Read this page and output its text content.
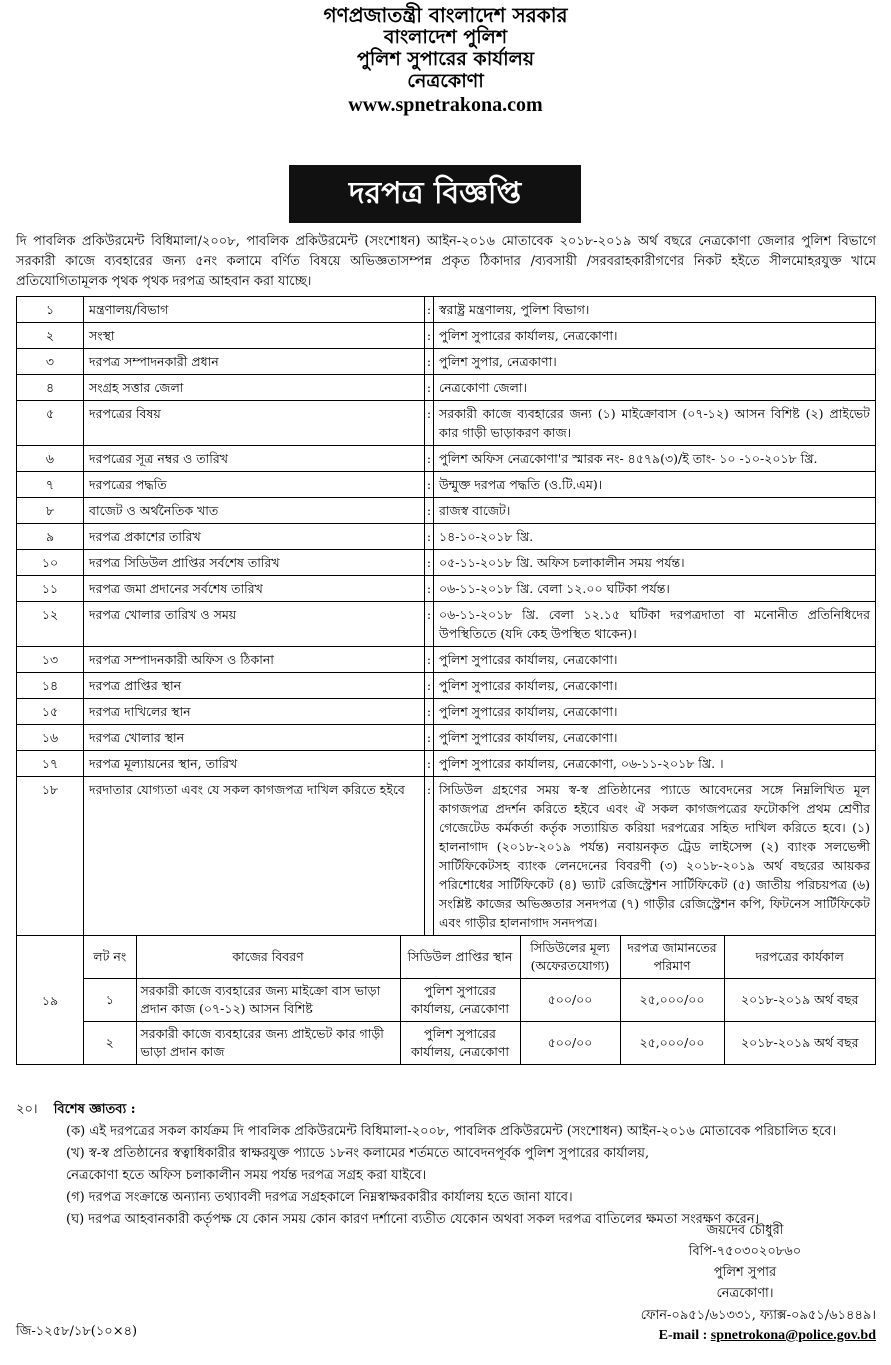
গণপ্রজাতন্ত্রী বাংলাদেশ সরকার
বাংলাদেশ পুলিশ
পুলিশ সুপারের কার্যালয়
নেত্রকোণা
www.spnetrakona.com
দরপত্র বিজ্ঞপ্তি
দি পাবলিক প্রকিউরমেন্ট বিধিমালা/২০০৮, পাবলিক প্রকিউরমেন্ট (সংশোধন) আইন-২০১৬ মোতাবেক ২০১৮-২০১৯ অর্থ বছরে নেত্রকোণা জেলার পুলিশ বিভাগে সরকারী কাজে ব্যবহারের জন্য ৫নং কলামে বর্ণিত বিষয়ে অভিজ্ঞতাসম্পন্ন প্রকৃত ঠিকাদার /ব্যবসায়ী /সরবরাহকারীগণের নিকট হইতে সীলমোহরযুক্ত খামে প্রতিযোগিতামূলক পৃথক পৃথক দরপত্র আহবান করা যাচ্ছে।
১	মন্ত্রণালয়/বিভাগ	:	স্বরাষ্ট্র মন্ত্রণালয়, পুলিশ বিভাগ।
২	সংস্থা	:	পুলিশ সুপারের কার্যালয়, নেত্রকোণা।
৩	দরপত্র সম্পাদনকারী প্রধান	:	পুলিশ সুপার, নেত্রকাণা।
৪	সংগ্রহ সত্তার জেলা	:	নেত্রকোণা জেলা।
৫	দরপত্রের বিষয়	:	সরকারী কাজে ব্যবহারের জন্য (১) মাইক্রোবাস (০৭-১২) আসন বিশিষ্ট (২) প্রাইভেট কার গাড়ী ভাড়াকরণ কাজ।
৬	দরপত্রের সূত্র নম্বর ও তারিখ	:	পুলিশ অফিস নেত্রকোণা'র স্মারক নং- ৪৫৭৯(৩)/ই তাং- ১০ -১০-২০১৮ খ্রি.
৭	দরপত্রের পদ্ধতি	:	উন্মুক্ত দরপত্র পদ্ধতি (ও.টি.এম)।
৮	বাজেট ও অর্থনৈতিক খাত	:	রাজস্ব বাজেট।
৯	দরপত্র প্রকাশের তারিখ	:	১৪-১০-২০১৮ খ্রি.
১০	দরপত্র সিডিউল প্রাপ্তির সর্বশেষ তারিখ	:	০৫-১১-২০১৮ খ্রি. অফিস চলাকালীন সময় পর্যন্ত।
১১	দরপত্র জমা প্রদানের সর্বশেষ তারিখ	:	০৬-১১-২০১৮ খ্রি. বেলা ১২.০০ ঘটিকা পর্যন্ত।
১২	দরপত্র খোলার তারিখ ও সময়	:	০৬-১১-২০১৮ খ্রি. বেলা ১২.১৫ ঘটিকা দরপত্রদাতা বা মনোনীত প্রতিনিধিদের উপস্থিতিতে (যদি কেহ উপস্থিত থাকেন)।
১৩	দরপত্র সম্পাদনকারী অফিস ও ঠিকানা	:	পুলিশ সুপারের কার্যালয়, নেত্রকোণা।
১৪	দরপত্র প্রাপ্তির স্থান	:	পুলিশ সুপারের কার্যালয়, নেত্রকোণা।
১৫	দরপত্র দাখিলের স্থান	:	পুলিশ সুপারের কার্যালয়, নেত্রকোণা।
১৬	দরপত্র খোলার স্থান	:	পুলিশ সুপারের কার্যালয়, নেত্রকোণা।
১৭	দরপত্র মূল্যায়নের স্থান, তারিখ	:	পুলিশ সুপারের কার্যালয়, নেত্রকোণা, ০৬-১১-২০১৮ খ্রি. ।
১৮	দরদাতার যোগ্যতা এবং যে সকল কাগজপত্র দাখিল করিতে হইবে	:	সিডিউল গ্রহণের সময় স্ব-স্ব প্রতিষ্ঠানের প্যাডে আবেদনের সঙ্গে নিম্নলিখিত মূল কাগজপত্র প্রদর্শন করিতে হইবে এবং ঐ সকল কাগজপত্রের ফটোকপি প্রথম শ্রেণীর গেজেটেড কর্মকর্তা কর্তৃক সত্যায়িত করিয়া দরপত্রের সহিত দাখিল করিতে হবে। (১) হালনাগাদ (২০১৮-২০১৯ পর্যন্ত) নবায়নকৃত ট্রেড লাইসেন্স (২) ব্যাংক সলভেন্সী সার্টিফিকেটসহ ব্যাংক লেনদেনের বিবরণী (৩) ২০১৮-২০১৯ অর্থ বছরের আয়কর পরিশোধের সার্টিফিকেট (৪) ভ্যাট রেজিস্ট্রেশন সার্টিফিকেট (৫) জাতীয় পরিচয়পত্র (৬) সংশ্লিষ্ট কাজের অভিজ্ঞতার সনদপত্র (৭) গাড়ীর রেজিস্ট্রেশন কপি, ফিটনেস সার্টিফিকেট এবং গাড়ীর হালনাগাদ সনদপত্র।
১৯	
লট নং	কাজের বিবরণ	সিডিউল প্রাপ্তির স্থান	সিডিউলের মূল্য (অফেরতযোগ্য)	দরপত্র জামানতের পরিমাণ	দরপত্রের কার্যকাল
১	সরকারী কাজে ব্যবহারের জন্য মাইক্রো বাস ভাড়া প্রদান কাজ (০৭-১২) আসন বিশিষ্ট	পুলিশ সুপারের কার্যালয়, নেত্রকোণা	৫০০/০০	২৫,০০০/০০	২০১৮-২০১৯ অর্থ বছর
২	সরকারী কাজে ব্যবহারের জন্য প্রাইভেট কার গাড়ী ভাড়া প্রদান কাজ	পুলিশ সুপারের কার্যালয়, নেত্রকোণা	৫০০/০০	২৫,০০০/০০	২০১৮-২০১৯ অর্থ বছর
২০। বিশেষ জ্ঞাতব্য :
(ক) এই দরপত্রের সকল কার্যক্রম দি পাবলিক প্রকিউরমেন্ট বিধিমালা-২০০৮, পাবলিক প্রকিউরমেন্ট (সংশোধন) আইন-২০১৬ মোতাবেক পরিচালিত হবে।
(খ) স্ব-স্ব প্রতিষ্ঠানের স্বত্বাধিকারীর স্বাক্ষরযুক্ত প্যাডে ১৮নং কলামের শর্তমতে আবেদনপূর্বক পুলিশ সুপারের কার্যালয়,
নেত্রকোণা হতে অফিস চলাকালীন সময় পর্যন্ত দরপত্র সগ্রহ করা যাইবে।
(গ) দরপত্র সংক্রান্তে অন্যান্য তথ্যাবলী দরপত্র সগ্রহকালে নিম্নস্বাক্ষরকারীর কার্যালয় হতে জানা যাবে।
(ঘ) দরপত্র আহবানকারী কর্তৃপক্ষ যে কোন সময় কোন কারণ দর্শানো ব্যতীত যেকোন অথবা সকল দরপত্র বাতিলের ক্ষমতা সংরক্ষণ করেন।
জয়দেব চৌধুরী
বিপি-৭৫০৩০২০৮৬০
পুলিশ সুপার
নেত্রকোণা।
ফোন-০৯৫১/৬১৩৩১, ফ্যাক্স-০৯৫১/৬১৪৪৯।
E-mail : spnetrokona@police.gov.bd
জি-১২৫৮/১৮(১০×৪)
